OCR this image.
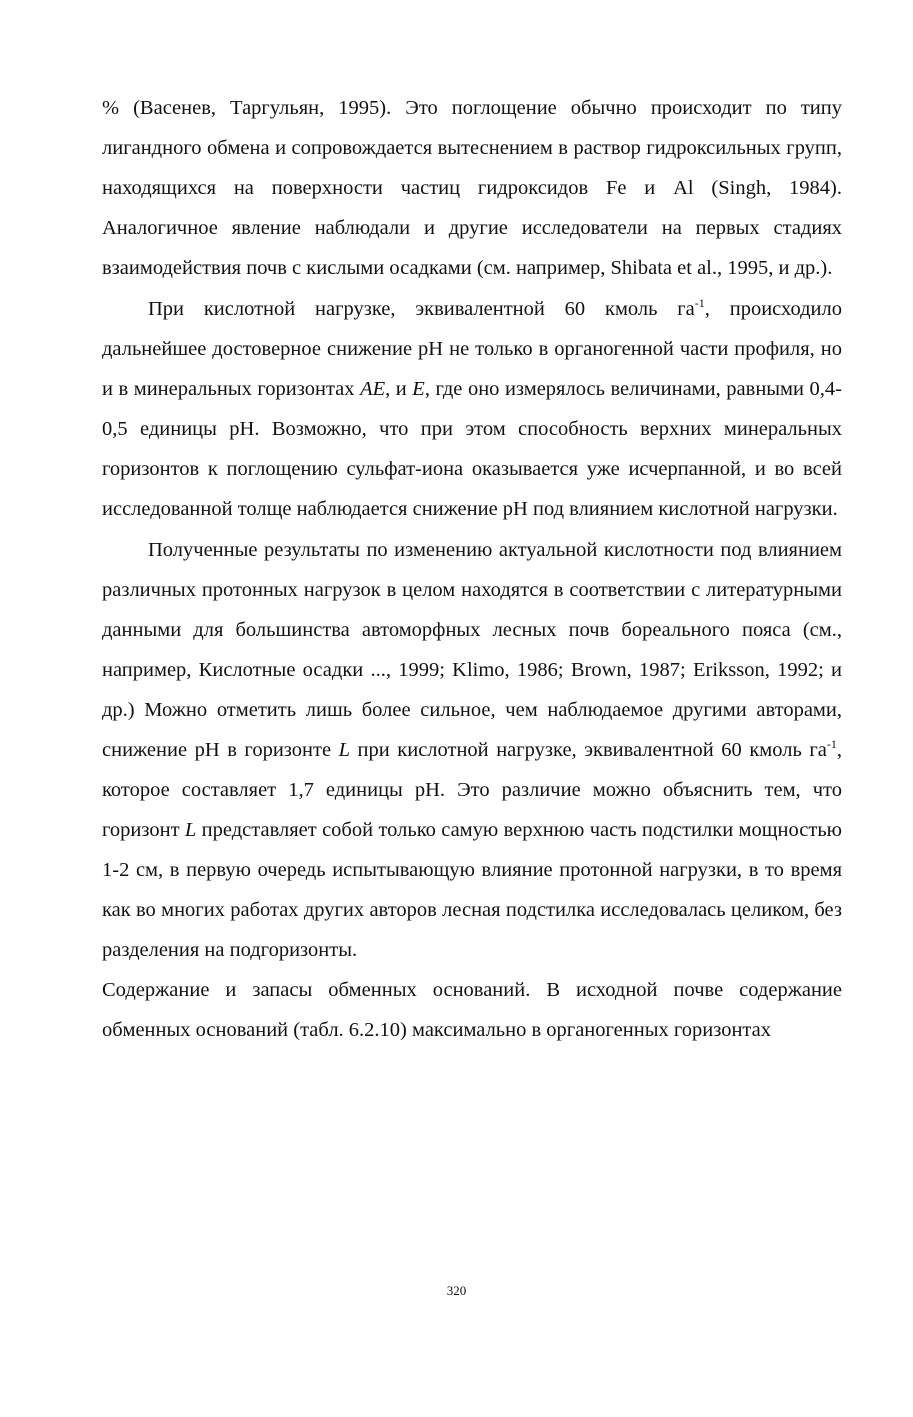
% (Васенев, Таргульян, 1995). Это поглощение обычно происходит по типу лигандного обмена и сопровождается вытеснением в раствор гидроксильных групп, находящихся на поверхности частиц гидроксидов Fe и Al (Singh, 1984). Аналогичное явление наблюдали и другие исследователи на первых стадиях взаимодействия почв с кислыми осадками (см. например, Shibata et al., 1995, и др.).

При кислотной нагрузке, эквивалентной 60 кмоль $га^{-1}$, происходило дальнейшее достоверное снижение pH не только в органогенной части профиля, но и в минеральных горизонтах AE, и E, где оно измерялось величинами, равными 0,4-0,5 единицы pH. Возможно, что при этом способность верхних минеральных горизонтов к поглощению сульфат-иона оказывается уже исчерпанной, и во всей исследованной толще наблюдается снижение pH под влиянием кислотной нагрузки.

Полученные результаты по изменению актуальной кислотности под влиянием различных протонных нагрузок в целом находятся в соответствии с литературными данными для большинства автоморфных лесных почв бореального пояса (см., например, Кислотные осадки ..., 1999; Klimo, 1986; Brown, 1987; Eriksson, 1992; и др.) Можно отметить лишь более сильное, чем наблюдаемое другими авторами, снижение pH в горизонте L при кислотной нагрузке, эквивалентной 60 кмоль $га^{-1}$, которое составляет 1,7 единицы pH. Это различие можно объяснить тем, что горизонт L представляет собой только самую верхнюю часть подстилки мощностью 1-2 см, в первую очередь испытывающую влияние протонной нагрузки, в то время как во многих работах других авторов лесная подстилка исследовалась целиком, без разделения на подгоризонты.

Содержание и запасы обменных оснований. В исходной почве содержание обменных оснований (табл. 6.2.10) максимально в органогенных горизонтах

320
